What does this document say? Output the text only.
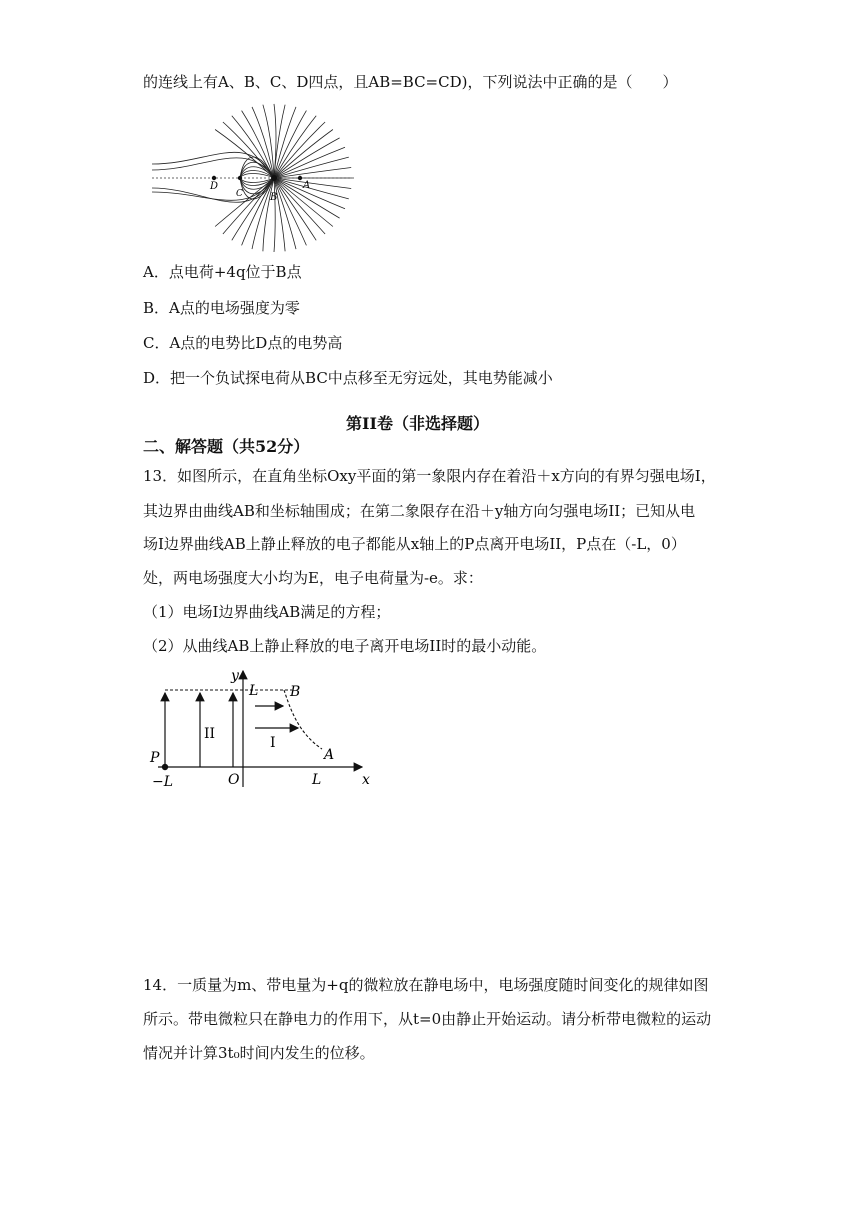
的连线上有A、B、C、D四点，且AB=BC=CD)，下列说法中正确的是（　　）
D
C	B
A
A．点电荷+4q位于B点
B．A点的电场强度为零
C．A点的电势比D点的电势高
D．把一个负试探电荷从BC中点移至无穷远处，其电势能减小
第II卷（非选择题）
二、解答题（共52分）
13．如图所示，在直角坐标Oxy平面的第一象限内存在着沿＋x方向的有界匀强电场I，
其边界由曲线AB和坐标轴围成；在第二象限存在沿＋y轴方向匀强电场II；已知从电
场I边界曲线AB上静止释放的电子都能从x轴上的P点离开电场II，P点在（-L，0）
处，两电场强度大小均为E，电子电荷量为-e。求：
（1）电场I边界曲线AB满足的方程；
（2）从曲线AB上静止释放的电子离开电场II时的最小动能。
y
L B
II
I
A
P
−L	O	L	x
14．一质量为m、带电量为+q的微粒放在静电场中，电场强度随时间变化的规律如图
所示。带电微粒只在静电力的作用下，从t=0由静止开始运动。请分析带电微粒的运动
情况并计算3t₀时间内发生的位移。
